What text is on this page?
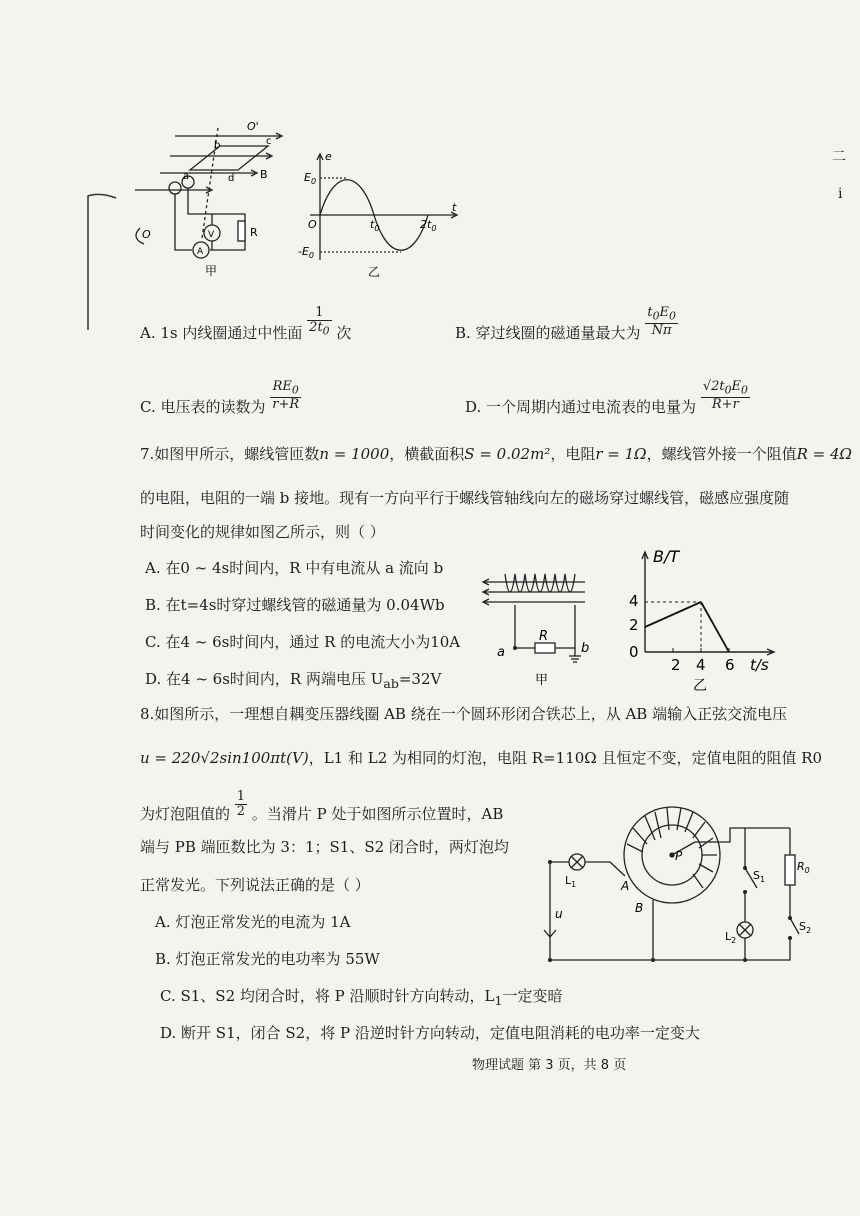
O'
b	c
a	d B
R
V
A
O
甲
e
t
$E_0$
$-E_0$
O	$t_0$	$2t_0$
乙
A. 1s 内线圈通过中性面 $\frac{1}{2t_0}$ 次	B. 穿过线圈的磁通量最大为 $\frac{t_0E_0}{N\pi}$
C. 电压表的读数为 $\frac{RE_0}{r+R}$	D. 一个周期内通过电流表的电量为 $\frac{√2t_0E_0}{R+r}$
7.如图甲所示，螺线管匝数n = 1000，横截面积S = 0.02m²，电阻r = 1Ω，螺线管外接一个阻值R = 4Ω
的电阻，电阻的一端 b 接地。现有一方向平行于螺线管轴线向左的磁场穿过螺线管，磁感应强度随
时间变化的规律如图乙所示，则（ ）
A. 在0 ~ 4s时间内，R 中有电流从 a 流向 b
B. 在t=4s时穿过螺线管的磁通量为 0.04Wb
C. 在4 ~ 6s时间内，通过 R 的电流大小为10A
D. 在4 ~ 6s时间内，R 两端电压 $U_{ab}=32V$
R
a	b
甲
B/T
t/s
4
2
0
2 4 6
乙
8.如图所示，一理想自耦变压器线圈 AB 绕在一个圆环形闭合铁芯上，从 AB 端输入正弦交流电压
u = 220√2sin100πt(V)，L1 和 L2 为相同的灯泡，电阻 R=110Ω 且恒定不变，定值电阻的阻值 R0
为灯泡阻值的 $\frac{1}{2}$ 。当滑片 P 处于如图所示位置时，AB
端与 PB 端匝数比为 3：1；S1、S2 闭合时，两灯泡均
正常发光。下列说法正确的是（ ）
A. 灯泡正常发光的电流为 1A
B. 灯泡正常发光的电功率为 55W
C. S1、S2 均闭合时，将 P 沿顺时针方向转动，$L_1$一定变暗
D. 断开 S1，闭合 S2，将 P 沿逆时针方向转动，定值电阻消耗的电功率一定变大
$L_1$
$L_2$
A
B
P
$S_1$
$S_2$
$R_0$
u
二
i
物理试题 第 3 页，共 8 页
